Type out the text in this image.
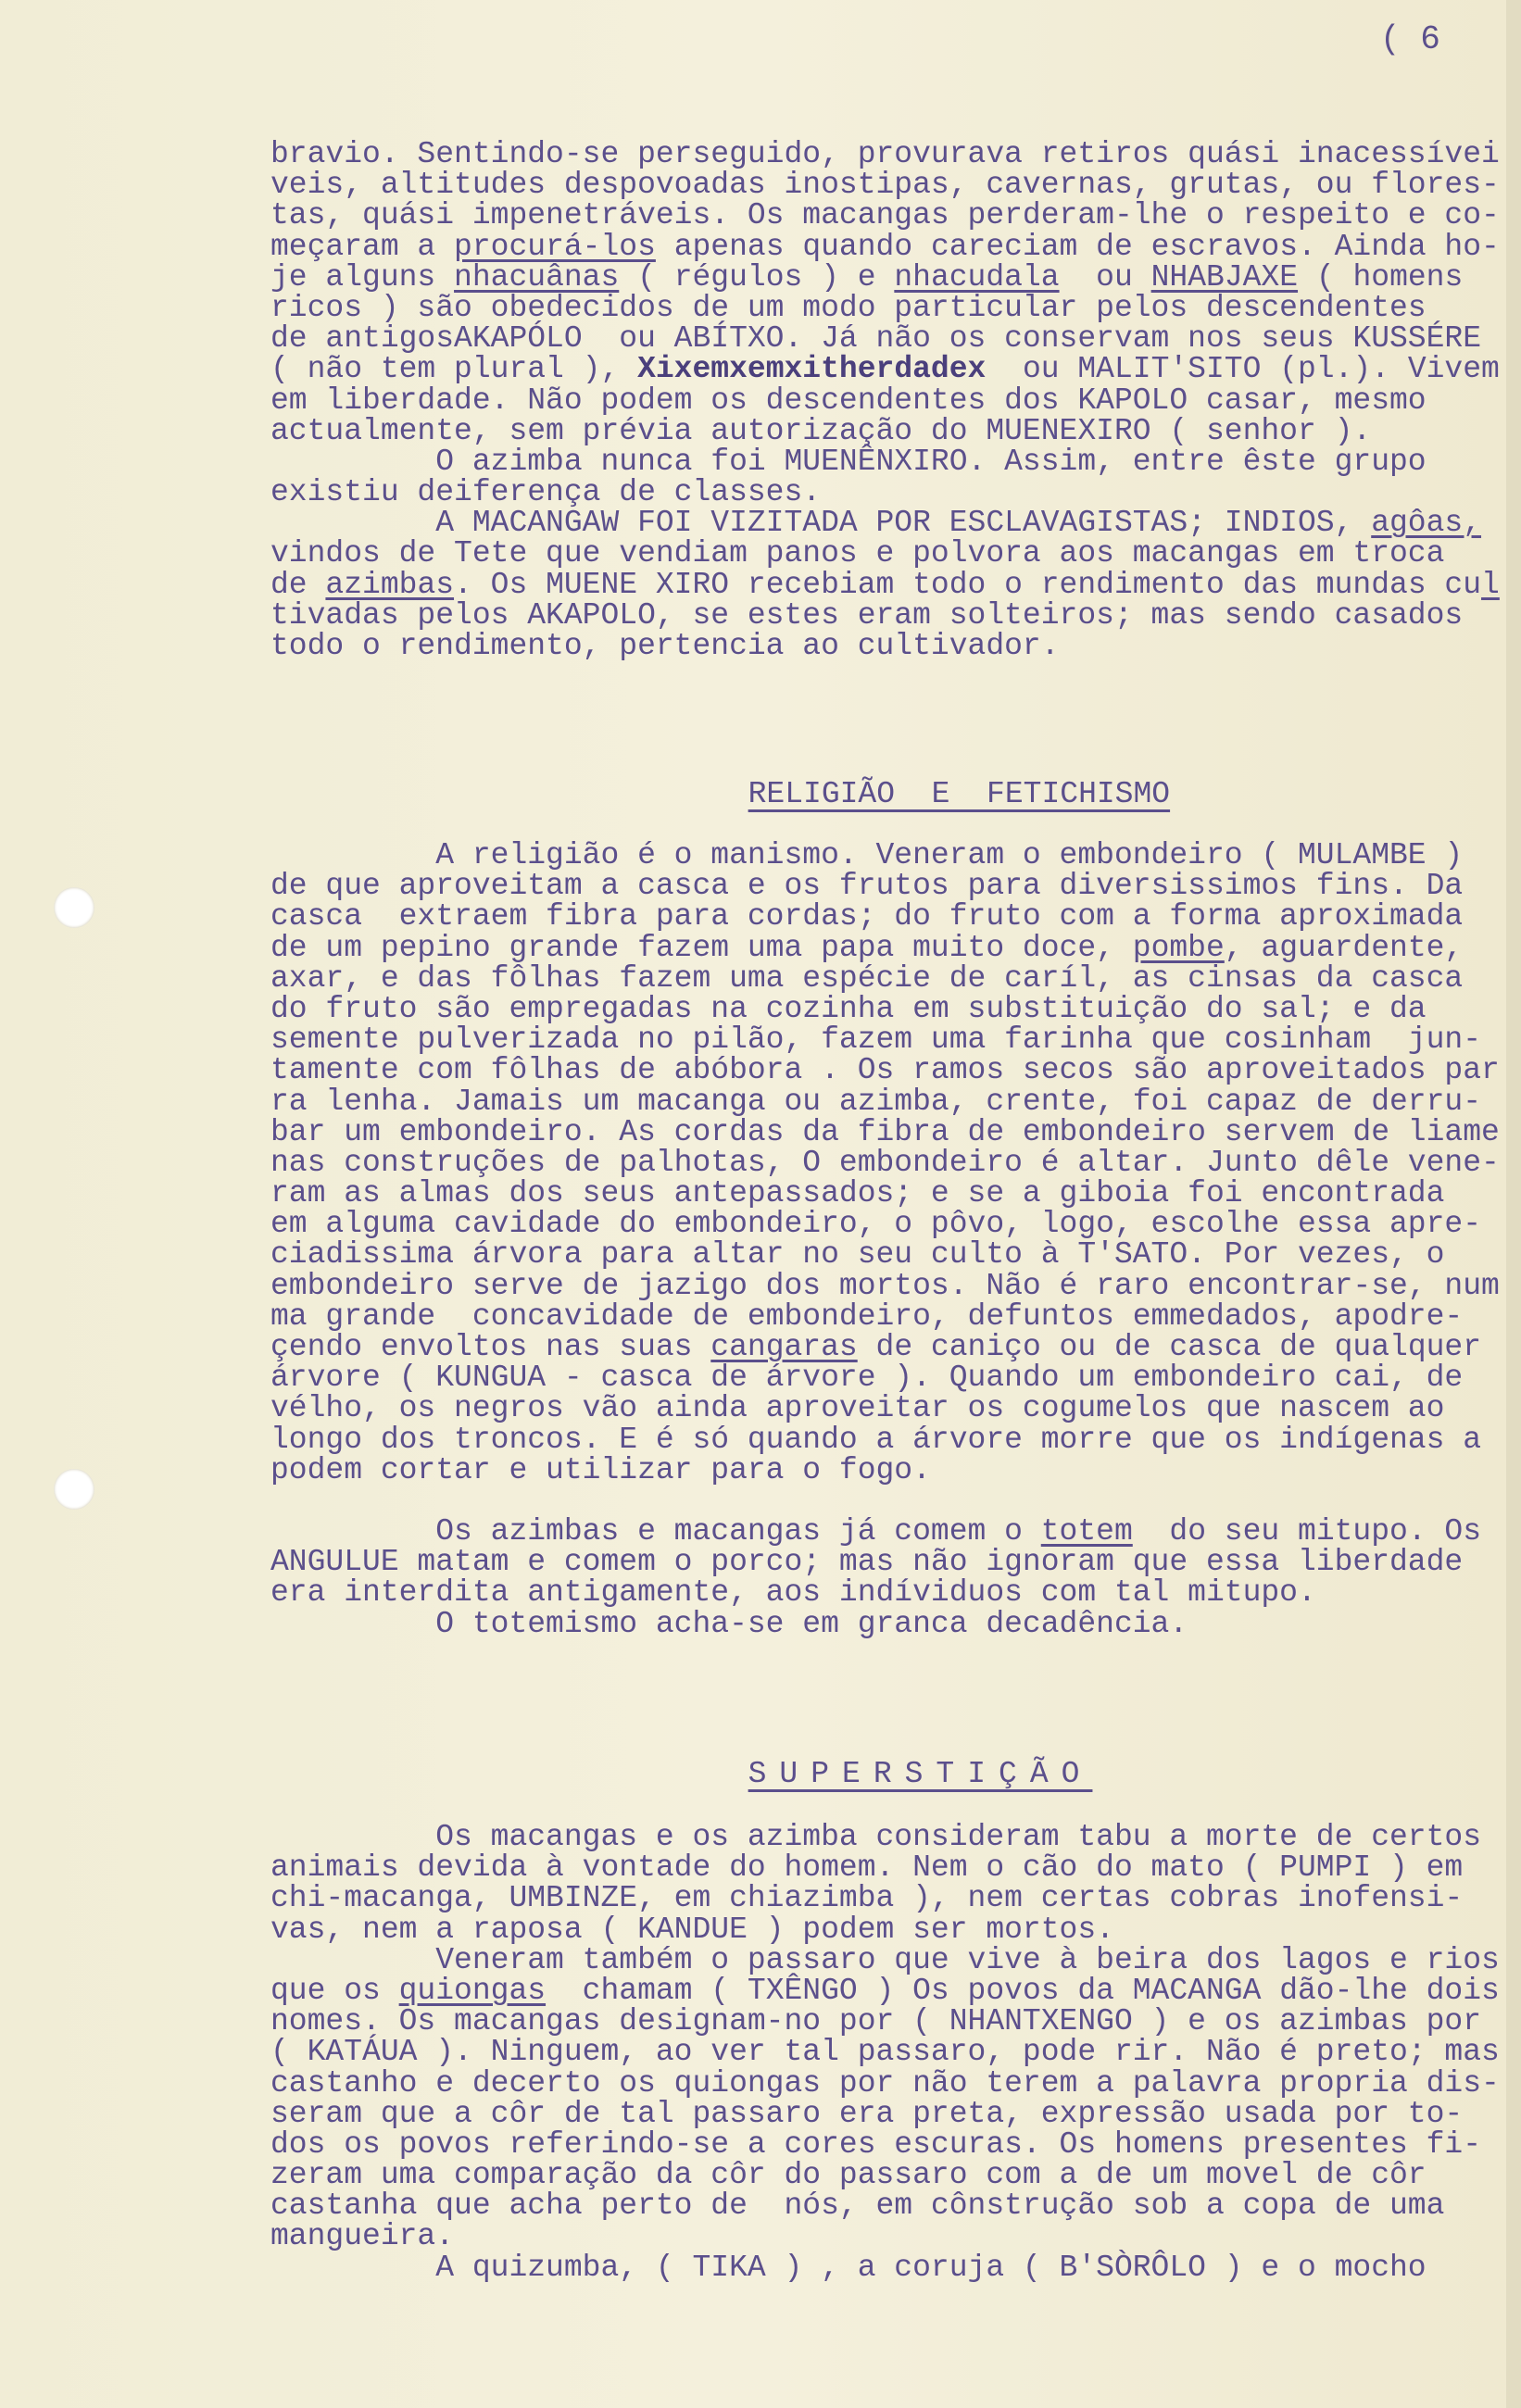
( 6
bravio. Sentindo-se perseguido, provurava retiros quási inacessívei
veis, altitudes despovoadas inostipas, cavernas, grutas, ou flores-
tas, quási impenetráveis. Os macangas perderam-lhe o respeito e co-
meçaram a procurá-los apenas quando careciam de escravos. Ainda ho-
je alguns nhacuânas ( régulos ) e nhacudala  ou NHABJAXE ( homens
ricos ) são obedecidos de um modo particular pelos descendentes
de antigosAKAPÓLO  ou ABÍTXO. Já não os conservam nos seus KUSSÉRE
( não tem plural ), Xixemxemxitherdadex  ou MALIT'SITO (pl.). Vivem
em liberdade. Não podem os descendentes dos KAPOLO casar, mesmo
actualmente, sem prévia autorização do MUENEXIRO ( senhor ).
O azimba nunca foi MUENÊNXIRO. Assim, entre êste grupo
existiu deiferença de classes.
A MACANGAW FOI VIZITADA POR ESCLAVAGISTAS; INDIOS, agôas,
vindos de Tete que vendiam panos e polvora aos macangas em troca
de azimbas. Os MUENE XIRO recebiam todo o rendimento das mundas cul
tivadas pelos AKAPOLO, se estes eram solteiros; mas sendo casados
todo o rendimento, pertencia ao cultivador.

RELIGIÃO  E  FETICHISMO

A religião é o manismo. Veneram o embondeiro ( MULAMBE )
de que aproveitam a casca e os frutos para diversissimos fins. Da
casca  extraem fibra para cordas; do fruto com a forma aproximada
de um pepino grande fazem uma papa muito doce, pombe, aguardente,
axar, e das fôlhas fazem uma espécie de caríl, as cinsas da casca
do fruto são empregadas na cozinha em substituição do sal; e da
semente pulverizada no pilão, fazem uma farinha que cosinham  jun-
tamente com fôlhas de abóbora . Os ramos secos são aproveitados par
ra lenha. Jamais um macanga ou azimba, crente, foi capaz de derru-
bar um embondeiro. As cordas da fibra de embondeiro servem de liame
nas construções de palhotas, O embondeiro é altar. Junto dêle vene-
ram as almas dos seus antepassados; e se a giboia foi encontrada
em alguma cavidade do embondeiro, o pôvo, logo, escolhe essa apre-
ciadissima árvora para altar no seu culto à T'SATO. Por vezes, o
embondeiro serve de jazigo dos mortos. Não é raro encontrar-se, num
ma grande  concavidade de embondeiro, defuntos emmedados, apodre-
çendo envoltos nas suas cangaras de caniço ou de casca de qualquer
árvore ( KUNGUA - casca de árvore ). Quando um embondeiro cai, de
vélho, os negros vão ainda aproveitar os cogumelos que nascem ao
longo dos troncos. E é só quando a árvore morre que os indígenas a
podem cortar e utilizar para o fogo.
Os azimbas e macangas já comem o totem  do seu mitupo. Os
ANGULUE matam e comem o porco; mas não ignoram que essa liberdade
era interdita antigamente, aos indíviduos com tal mitupo.
O totemismo acha-se em granca decadência.

SUPERSTIÇÃO

Os macangas e os azimba consideram tabu a morte de certos
animais devida à vontade do homem. Nem o cão do mato ( PUMPI ) em
chi-macanga, UMBINZE, em chiazimba ), nem certas cobras inofensi-
vas, nem a raposa ( KANDUE ) podem ser mortos.
Veneram também o passaro que vive à beira dos lagos e rios
que os quiongas  chamam ( TXÊNGO ) Os povos da MACANGA dão-lhe dois
nomes. Os macangas designam-no por ( NHANTXENGO ) e os azimbas por
( KATÁUA ). Ninguem, ao ver tal passaro, pode rir. Não é preto; mas
castanho e decerto os quiongas por não terem a palavra propria dis-
seram que a côr de tal passaro era preta, expressão usada por to-
dos os povos referindo-se a cores escuras. Os homens presentes fi-
zeram uma comparação da côr do passaro com a de um movel de côr
castanha que acha perto de  nós, em cônstrução sob a copa de uma
mangueira.
A quizumba, ( TIKA ) , a coruja ( B'SÒRÔLO ) e o mocho
